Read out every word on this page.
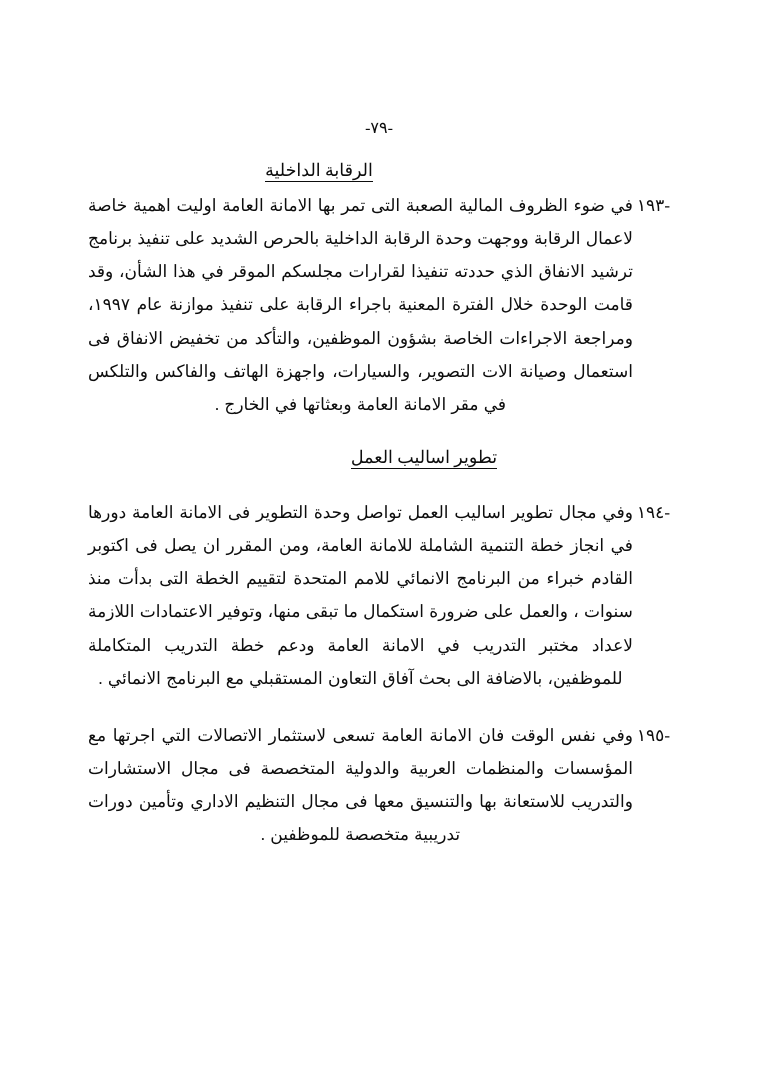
-٧٩-
الرقابة الداخلية
-١٩٣
في ضوء الظروف المالية الصعبة التى تمر بها الامانة العامة اوليت اهمية خاصة لاعمال الرقابة ووجهت وحدة الرقابة الداخلية بالحرص الشديد على تنفيذ برنامج ترشيد الانفاق الذي حددته تنفيذا لقرارات مجلسكم الموقر في هذا الشأن، وقد قامت الوحدة خلال الفترة المعنية باجراء الرقابة على تنفيذ موازنة عام ١٩٩٧، ومراجعة الاجراءات الخاصة بشؤون الموظفين، والتأكد من تخفيض الانفاق فى استعمال وصيانة الات التصوير، والسيارات، واجهزة الهاتف والفاكس والتلكس في مقر الامانة العامة وبعثاتها في الخارج .
تطوير اساليب العمل
-١٩٤
وفي مجال تطوير اساليب العمل تواصل وحدة التطوير فى الامانة العامة دورها في انجاز خطة التنمية الشاملة للامانة العامة، ومن المقرر ان يصل فى اكتوبر القادم خبراء من البرنامج الانمائي للامم المتحدة لتقييم الخطة التى بدأت منذ سنوات ، والعمل على ضرورة استكمال ما تبقى منها، وتوفير الاعتمادات اللازمة لاعداد مختبر التدريب في الامانة العامة ودعم خطة التدريب المتكاملة للموظفين، بالاضافة الى بحث آفاق التعاون المستقبلي مع البرنامج الانمائي .
-١٩٥
وفي نفس الوقت فان الامانة العامة تسعى لاستثمار الاتصالات التي اجرتها مع المؤسسات والمنظمات العربية والدولية المتخصصة فى مجال الاستشارات والتدريب للاستعانة بها والتنسيق معها فى مجال التنظيم الاداري وتأمين دورات تدريبية متخصصة للموظفين .
